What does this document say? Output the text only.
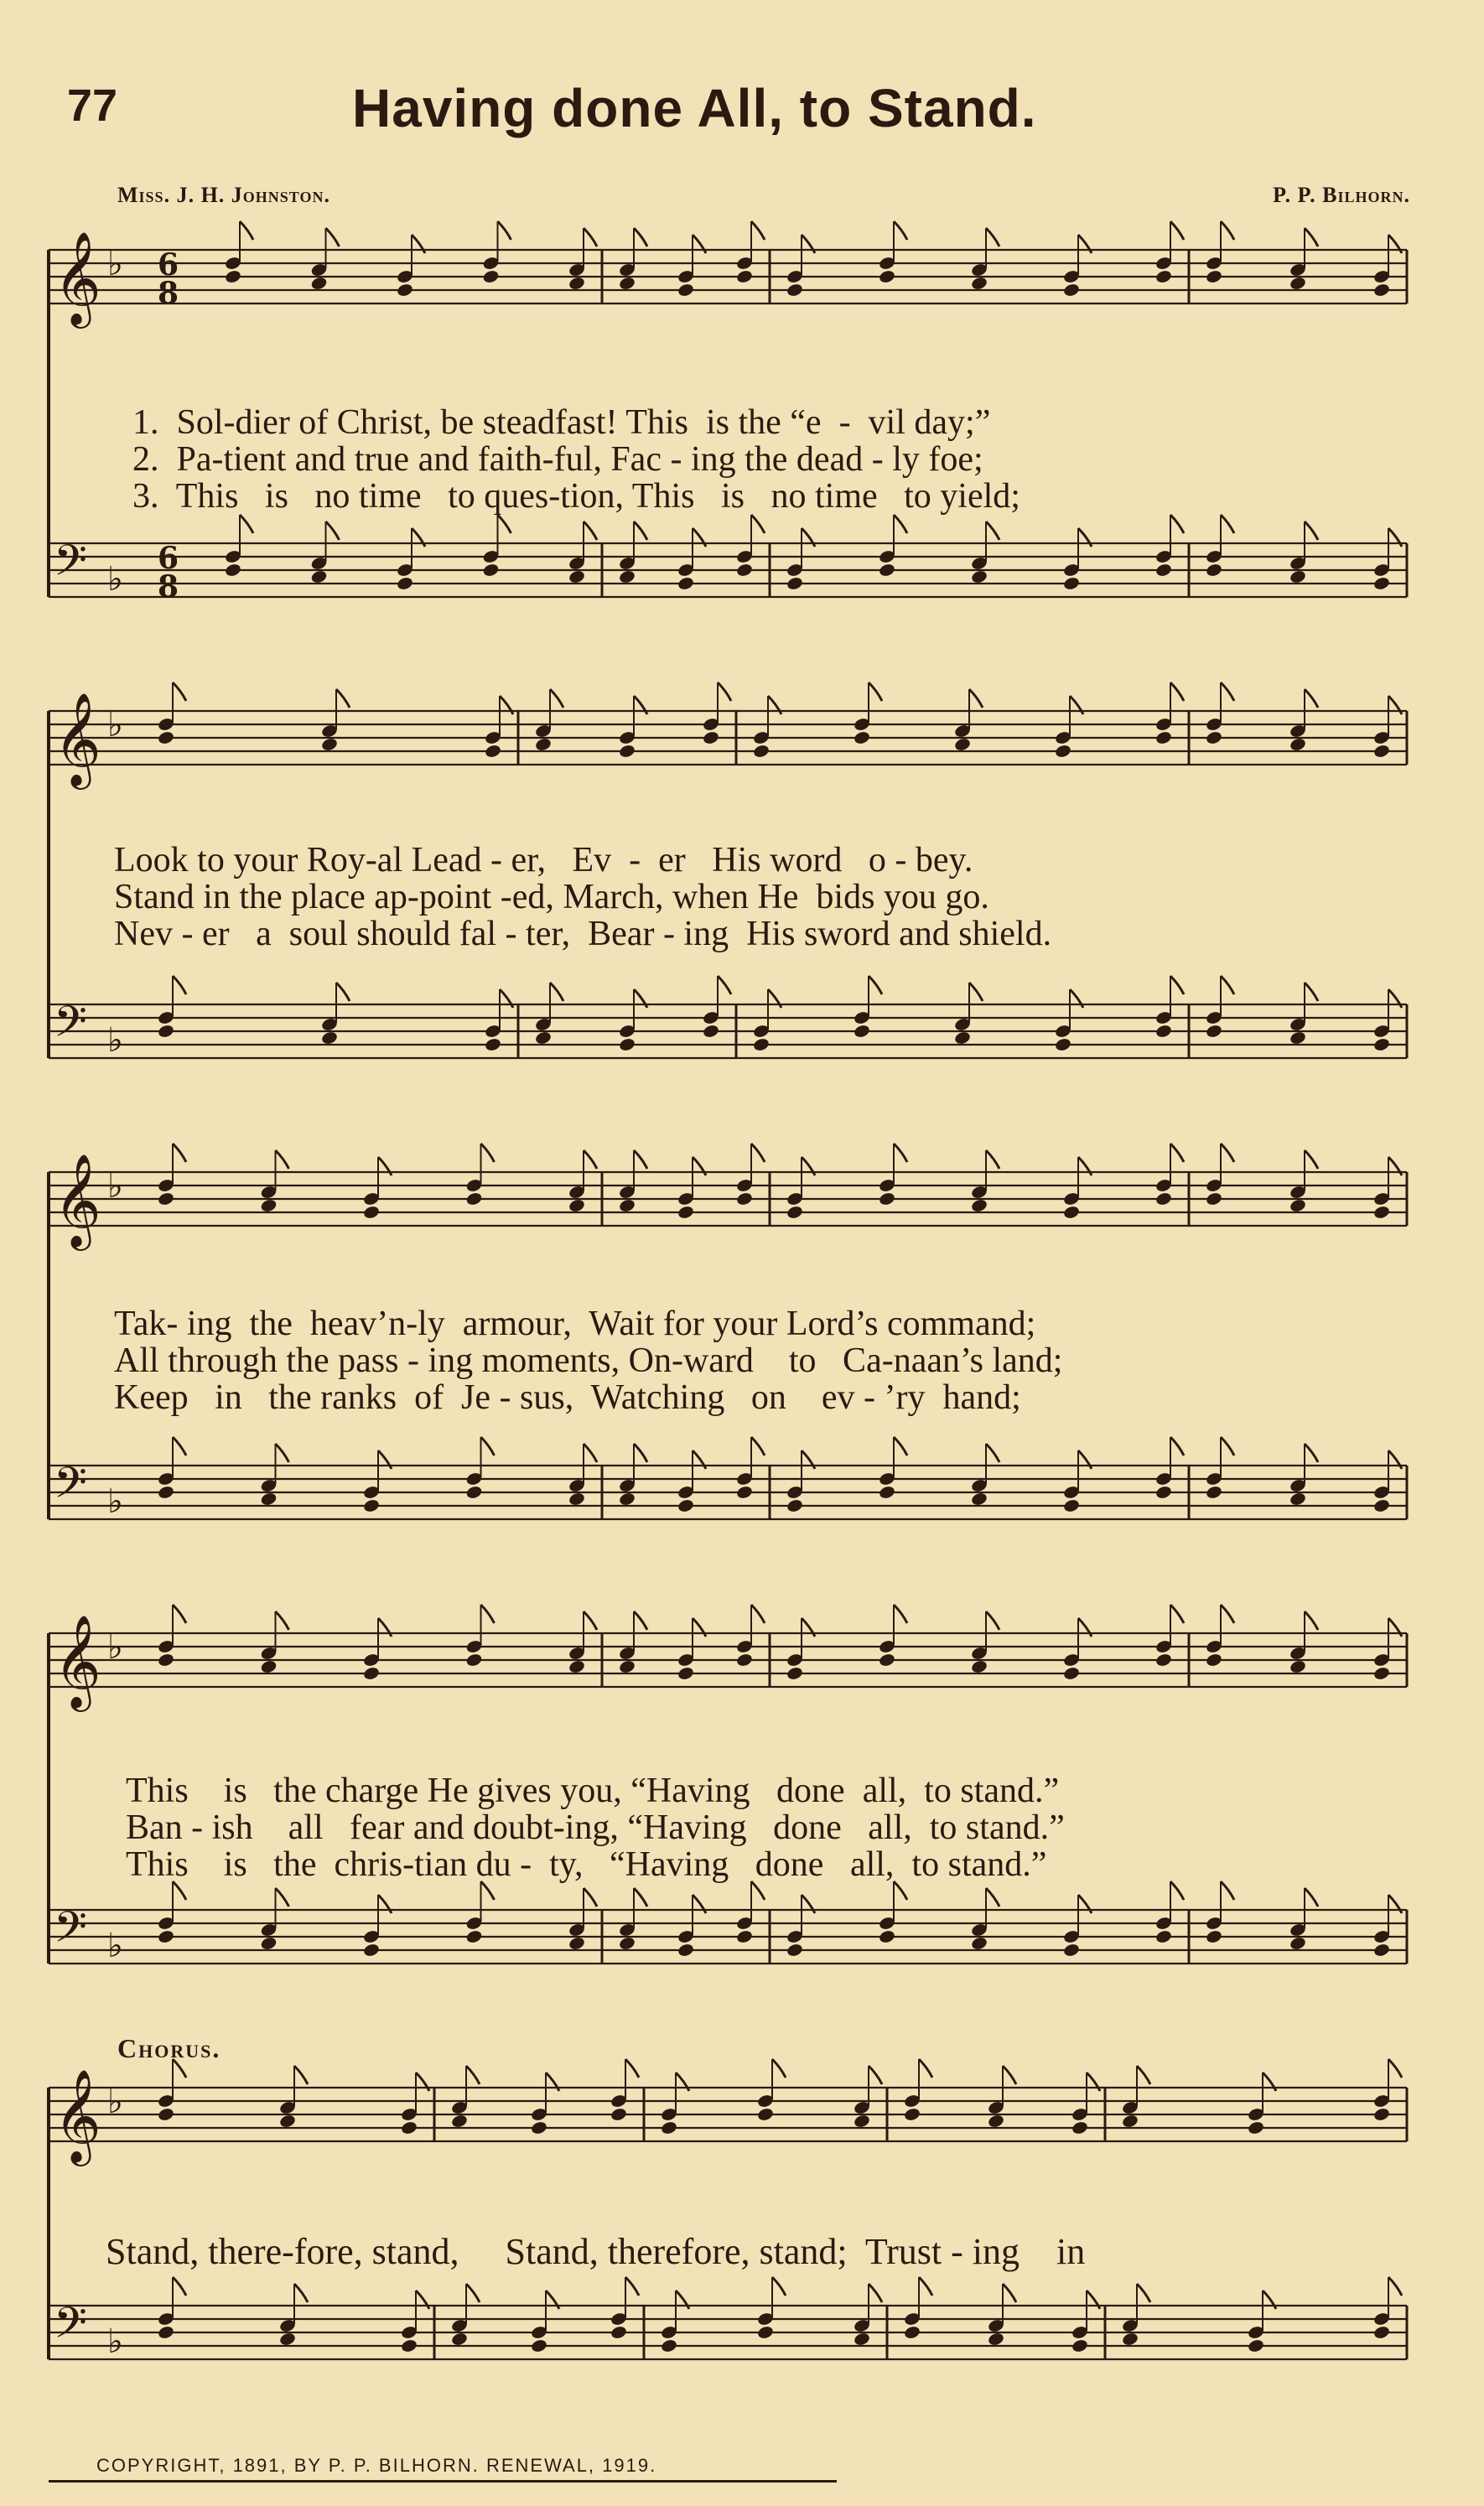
77	Having done All, to Stand.
Miss. J. H. Johnston.	P. P. Bilhorn.
𝄞 ♭
𝄢 ♭
6
8
6
8
1.  Sol-dier of Christ, be steadfast! This  is the “e  -  vil day;”
2.  Pa-tient and true and faith-ful, Fac - ing the dead - ly foe;
3.  This   is   no time   to ques-tion, This   is   no time   to yield;
𝄞 ♭
𝄢 ♭
Look to your Roy-al Lead - er,   Ev  -  er   His word   o - bey.
Stand in the place ap-point -ed, March, when He  bids you go.
Nev - er   a  soul should fal - ter,  Bear - ing  His sword and shield.
𝄞 ♭
𝄢 ♭
Tak- ing  the  heav’n-ly  armour,  Wait for your Lord’s command;
All through the pass - ing moments, On-ward    to   Ca-naan’s land;
Keep   in   the ranks  of  Je - sus,  Watching   on    ev - ’ry  hand;
𝄞 ♭
𝄢 ♭
This    is   the charge He gives you, “Having   done  all,  to stand.”
Ban - ish    all   fear and doubt-ing, “Having   done   all,  to stand.”
This    is   the  chris-tian du -  ty,   “Having   done   all,  to stand.”
Chorus.
𝄞 ♭
𝄢 ♭
Stand, there-fore, stand,     Stand, therefore, stand;  Trust - ing    in
COPYRIGHT, 1891, BY P. P. BILHORN. RENEWAL, 1919.
